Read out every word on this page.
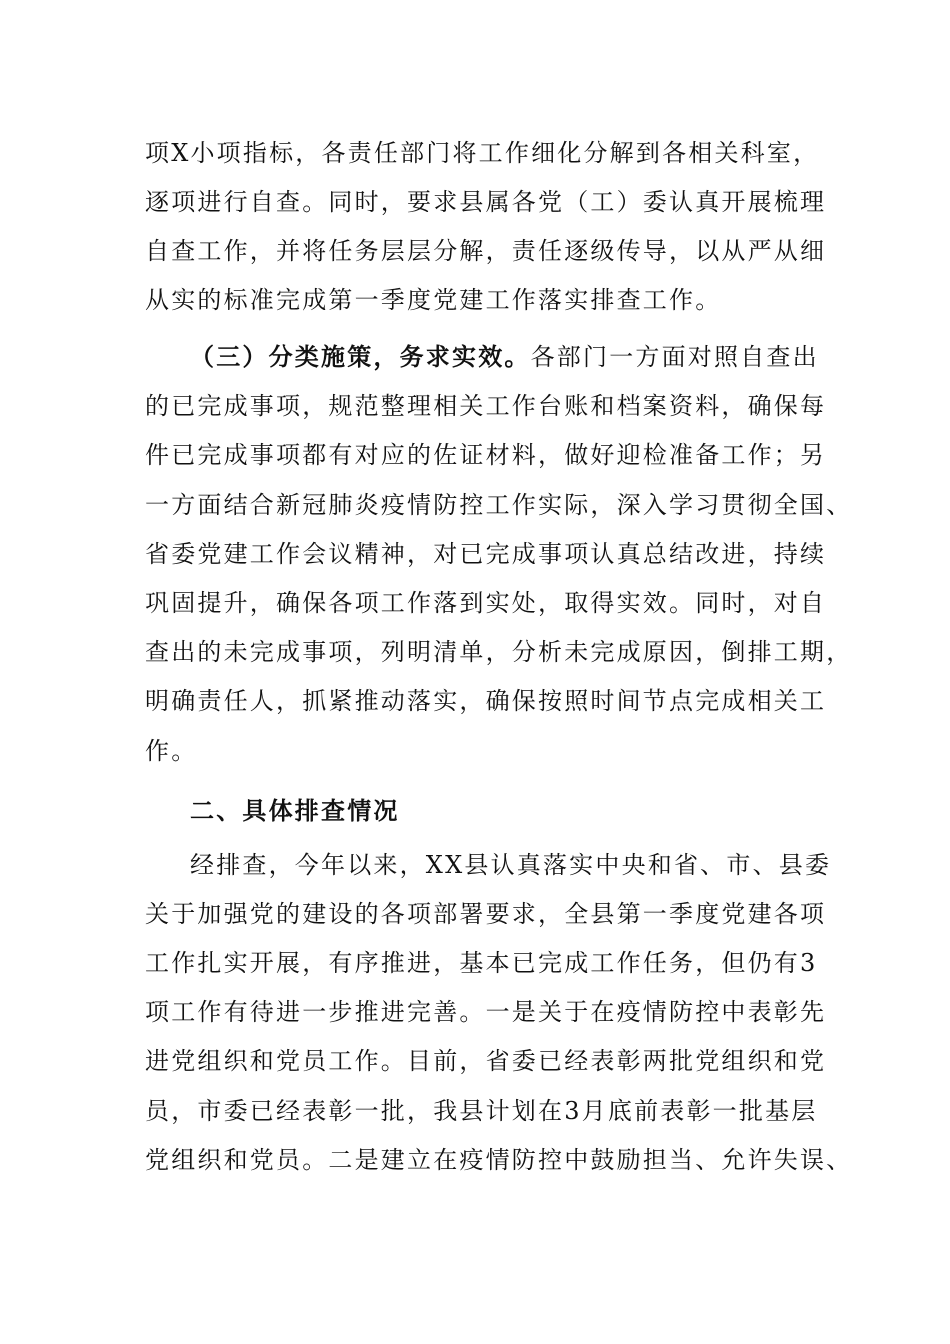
项X小项指标，各责任部门将工作细化分解到各相关科室，
逐项进行自查。同时，要求县属各党（工）委认真开展梳理
自查工作，并将任务层层分解，责任逐级传导，以从严从细
从实的标准完成第一季度党建工作落实排查工作。
（三）分类施策，务求实效。各部门一方面对照自查出
的已完成事项，规范整理相关工作台账和档案资料，确保每
件已完成事项都有对应的佐证材料，做好迎检准备工作；另
一方面结合新冠肺炎疫情防控工作实际，深入学习贯彻全国、
省委党建工作会议精神，对已完成事项认真总结改进，持续
巩固提升，确保各项工作落到实处，取得实效。同时，对自
查出的未完成事项，列明清单，分析未完成原因，倒排工期，
明确责任人，抓紧推动落实，确保按照时间节点完成相关工
作。
二、具体排查情况
经排查，今年以来，XX县认真落实中央和省、市、县委
关于加强党的建设的各项部署要求，全县第一季度党建各项
工作扎实开展，有序推进，基本已完成工作任务，但仍有3
项工作有待进一步推进完善。一是关于在疫情防控中表彰先
进党组织和党员工作。目前，省委已经表彰两批党组织和党
员，市委已经表彰一批，我县计划在3月底前表彰一批基层
党组织和党员。二是建立在疫情防控中鼓励担当、允许失误、
